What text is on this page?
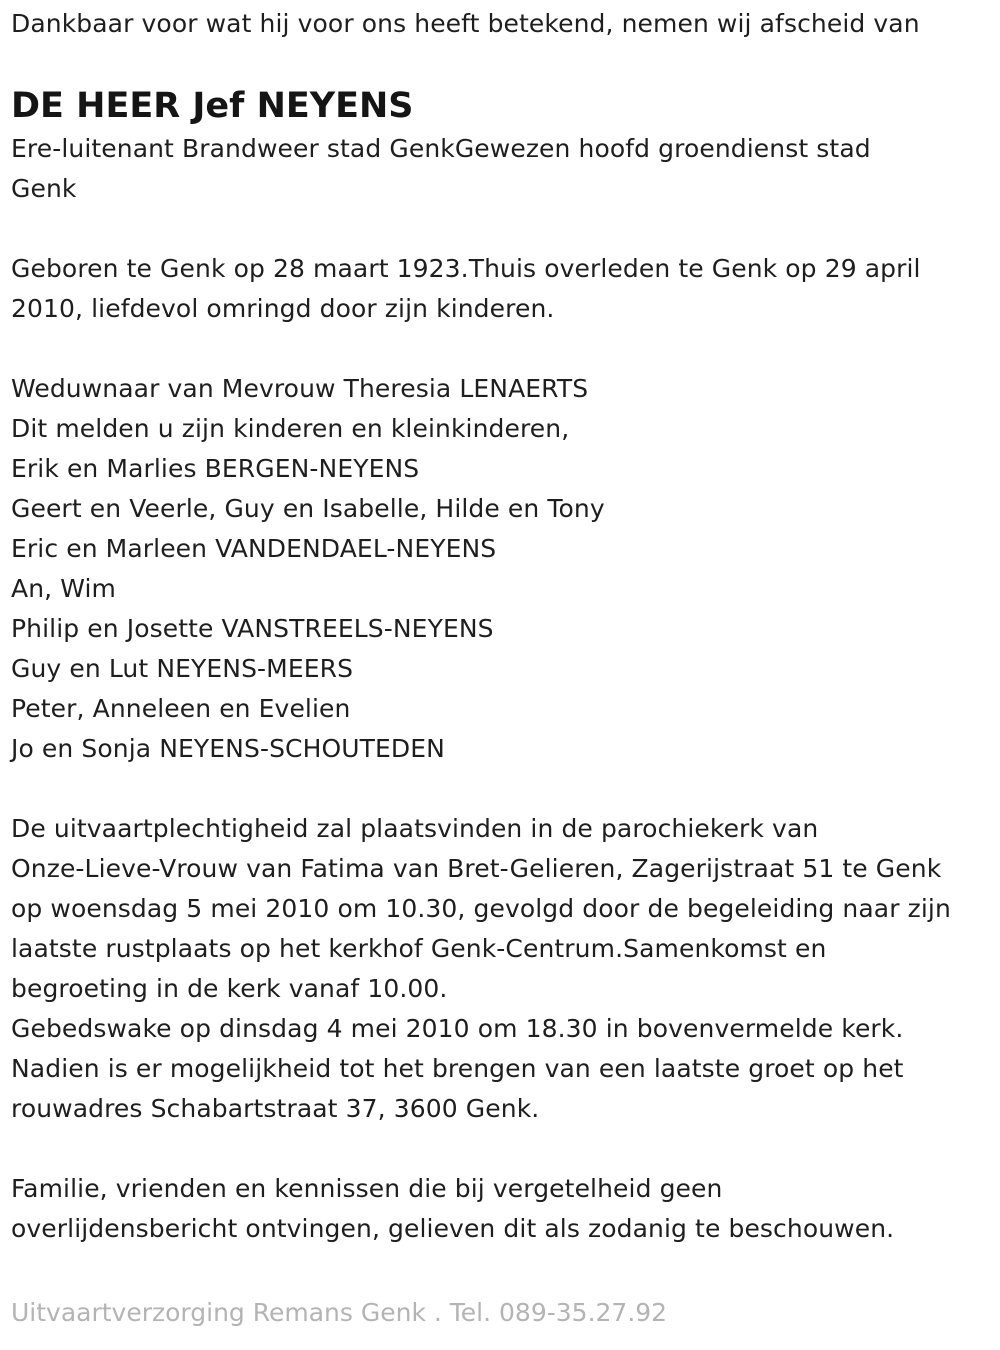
Dankbaar voor wat hij voor ons heeft betekend, nemen wij afscheid van
DE HEER Jef NEYENS
Ere-luitenant Brandweer stad GenkGewezen hoofd groendienst stad
Genk
Geboren te Genk op 28 maart 1923.Thuis overleden te Genk op 29 april
2010, liefdevol omringd door zijn kinderen.
Weduwnaar van Mevrouw Theresia LENAERTS
Dit melden u zijn kinderen en kleinkinderen,
Erik en Marlies BERGEN-NEYENS
Geert en Veerle, Guy en Isabelle, Hilde en Tony
Eric en Marleen VANDENDAEL-NEYENS
An, Wim
Philip en Josette VANSTREELS-NEYENS
Guy en Lut NEYENS-MEERS
Peter, Anneleen en Evelien
Jo en Sonja NEYENS-SCHOUTEDEN
De uitvaartplechtigheid zal plaatsvinden in de parochiekerk van
Onze-Lieve-Vrouw van Fatima van Bret-Gelieren, Zagerijstraat 51 te Genk
op woensdag 5 mei 2010 om 10.30, gevolgd door de begeleiding naar zijn
laatste rustplaats op het kerkhof Genk-Centrum.Samenkomst en
begroeting in de kerk vanaf 10.00.
Gebedswake op dinsdag 4 mei 2010 om 18.30 in bovenvermelde kerk.
Nadien is er mogelijkheid tot het brengen van een laatste groet op het
rouwadres Schabartstraat 37, 3600 Genk.
Familie, vrienden en kennissen die bij vergetelheid geen
overlijdensbericht ontvingen, gelieven dit als zodanig te beschouwen.
Uitvaartverzorging Remans Genk . Tel. 089-35.27.92
